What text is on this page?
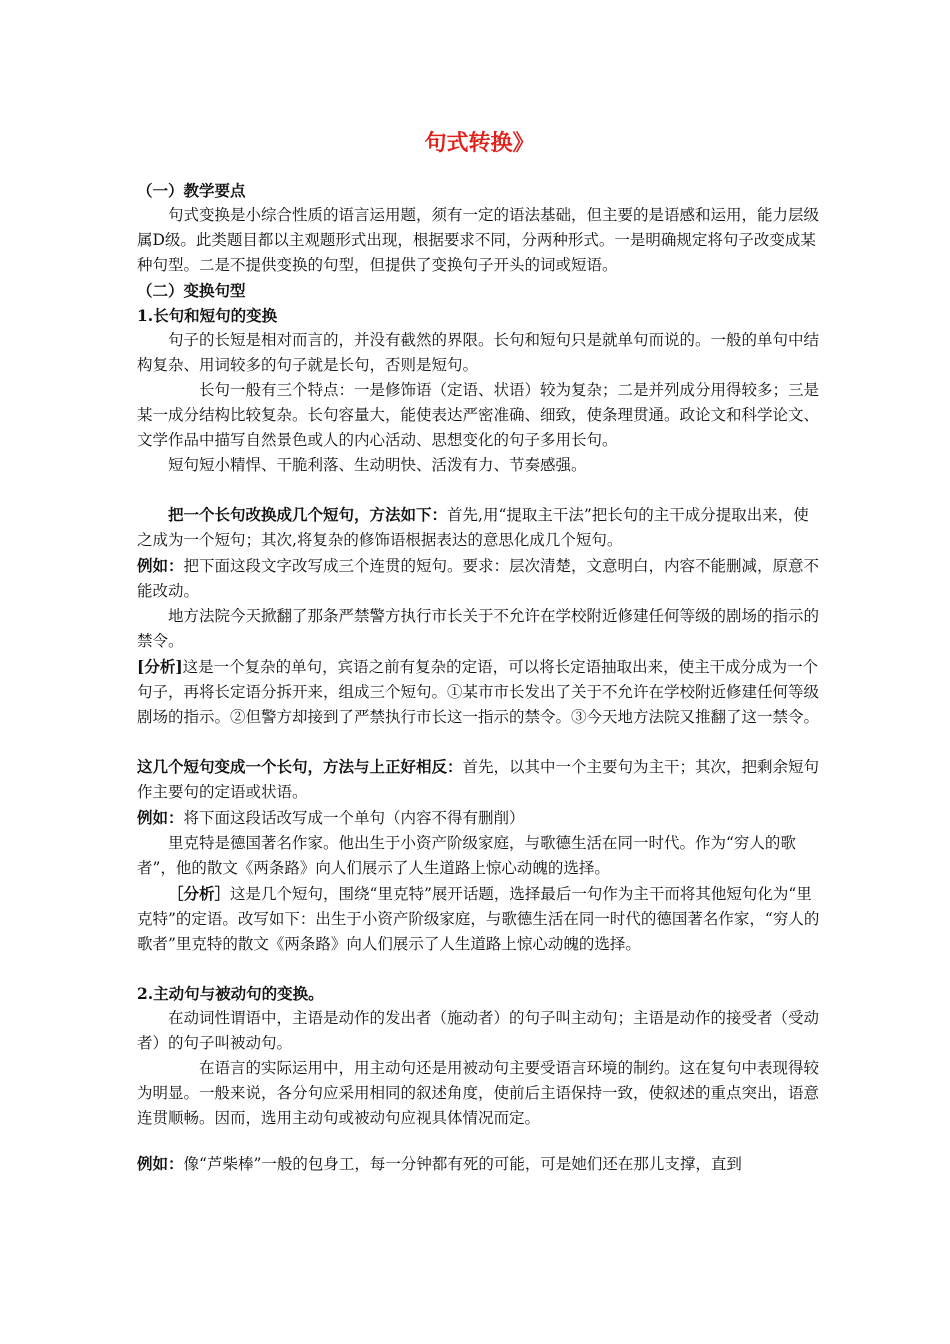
句式转换》

（一）教学要点

句式变换是小综合性质的语言运用题，须有一定的语法基础，但主要的是语感和运用，能力层级属D级。此类题目都以主观题形式出现，根据要求不同，分两种形式。一是明确规定将句子改变成某种句型。二是不提供变换的句型，但提供了变换句子开头的词或短语。

（二）变换句型

1.长句和短句的变换

句子的长短是相对而言的，并没有截然的界限。长句和短句只是就单句而说的。一般的单句中结构复杂、用词较多的句子就是长句，否则是短句。

长句一般有三个特点：一是修饰语（定语、状语）较为复杂；二是并列成分用得较多；三是某一成分结构比较复杂。长句容量大，能使表达严密准确、细致，使条理贯通。政论文和科学论文、文学作品中描写自然景色或人的内心活动、思想变化的句子多用长句。

短句短小精悍、干脆利落、生动明快、活泼有力、节奏感强。

把一个长句改换成几个短句，方法如下：首先,用“提取主干法”把长句的主干成分提取出来，使之成为一个短句；其次,将复杂的修饰语根据表达的意思化成几个短句。

例如：把下面这段文字改写成三个连贯的短句。要求：层次清楚，文意明白，内容不能删减，原意不能改动。

地方法院今天掀翻了那条严禁警方执行市长关于不允许在学校附近修建任何等级的剧场的指示的禁令。

[分析]这是一个复杂的单句，宾语之前有复杂的定语，可以将长定语抽取出来，使主干成分成为一个句子，再将长定语分拆开来，组成三个短句。①某市市长发出了关于不允许在学校附近修建任何等级剧场的指示。②但警方却接到了严禁执行市长这一指示的禁令。③今天地方法院又推翻了这一禁令。

这几个短句变成一个长句，方法与上正好相反：首先，以其中一个主要句为主干；其次，把剩余短句作主要句的定语或状语。

例如：将下面这段话改写成一个单句（内容不得有删削）

里克特是德国著名作家。他出生于小资产阶级家庭，与歌德生活在同一时代。作为“穷人的歌者”，他的散文《两条路》向人们展示了人生道路上惊心动魄的选择。

［分析］这是几个短句，围绕“里克特”展开话题，选择最后一句作为主干而将其他短句化为“里克特”的定语。改写如下：出生于小资产阶级家庭，与歌德生活在同一时代的德国著名作家，“穷人的歌者”里克特的散文《两条路》向人们展示了人生道路上惊心动魄的选择。

2.主动句与被动句的变换。

在动词性谓语中，主语是动作的发出者（施动者）的句子叫主动句；主语是动作的接受者（受动者）的句子叫被动句。

在语言的实际运用中，用主动句还是用被动句主要受语言环境的制约。这在复句中表现得较为明显。一般来说，各分句应采用相同的叙述角度，使前后主语保持一致，使叙述的重点突出，语意连贯顺畅。因而，选用主动句或被动句应视具体情况而定。

例如：像“芦柴棒”一般的包身工，每一分钟都有死的可能，可是她们还在那儿支撑，直到
